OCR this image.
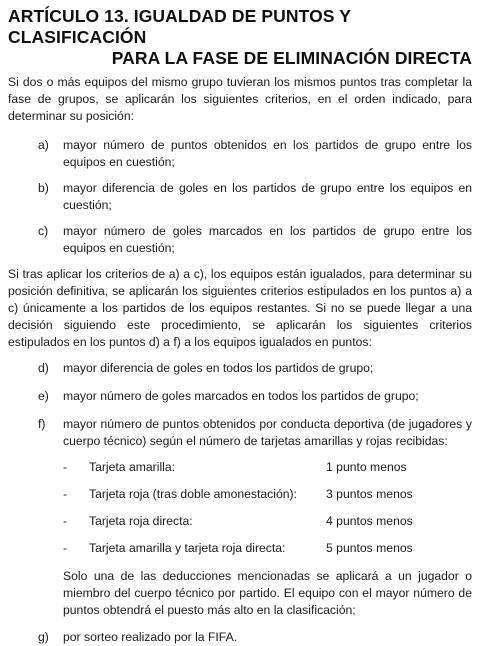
ARTÍCULO 13. IGUALDAD DE PUNTOS Y CLASIFICACIÓN
PARA LA FASE DE ELIMINACIÓN DIRECTA

Si dos o más equipos del mismo grupo tuvieran los mismos puntos tras completar la fase de grupos, se aplicarán los siguientes criterios, en el orden indicado, para determinar su posición:

a)	mayor número de puntos obtenidos en los partidos de grupo entre los equipos en cuestión;
b)	mayor diferencia de goles en los partidos de grupo entre los equipos en cuestión;
c)	mayor número de goles marcados en los partidos de grupo entre los equipos en cuestión;

Si tras aplicar los criterios de a) a c), los equipos están igualados, para determinar su posición definitiva, se aplicarán los siguientes criterios estipulados en los puntos a) a c) únicamente a los partidos de los equipos restantes. Si no se puede llegar a una decisión siguiendo este procedimiento, se aplicarán los siguientes criterios estipulados en los puntos d) a f) a los equipos igualados en puntos:

d)	mayor diferencia de goles en todos los partidos de grupo;
e)	mayor número de goles marcados en todos los partidos de grupo;
f)	mayor número de puntos obtenidos por conducta deportiva (de jugadores y cuerpo técnico) según el número de tarjetas amarillas y rojas recibidas:
-	Tarjeta amarilla:	1 punto menos
-	Tarjeta roja (tras doble amonestación):	3 puntos menos
-	Tarjeta roja directa:	4 puntos menos
-	Tarjeta amarilla y tarjeta roja directa:	5 puntos menos
Solo una de las deducciones mencionadas se aplicará a un jugador o miembro del cuerpo técnico por partido. El equipo con el mayor número de puntos obtendrá el puesto más alto en la clasificación;
g)	por sorteo realizado por la FIFA.
